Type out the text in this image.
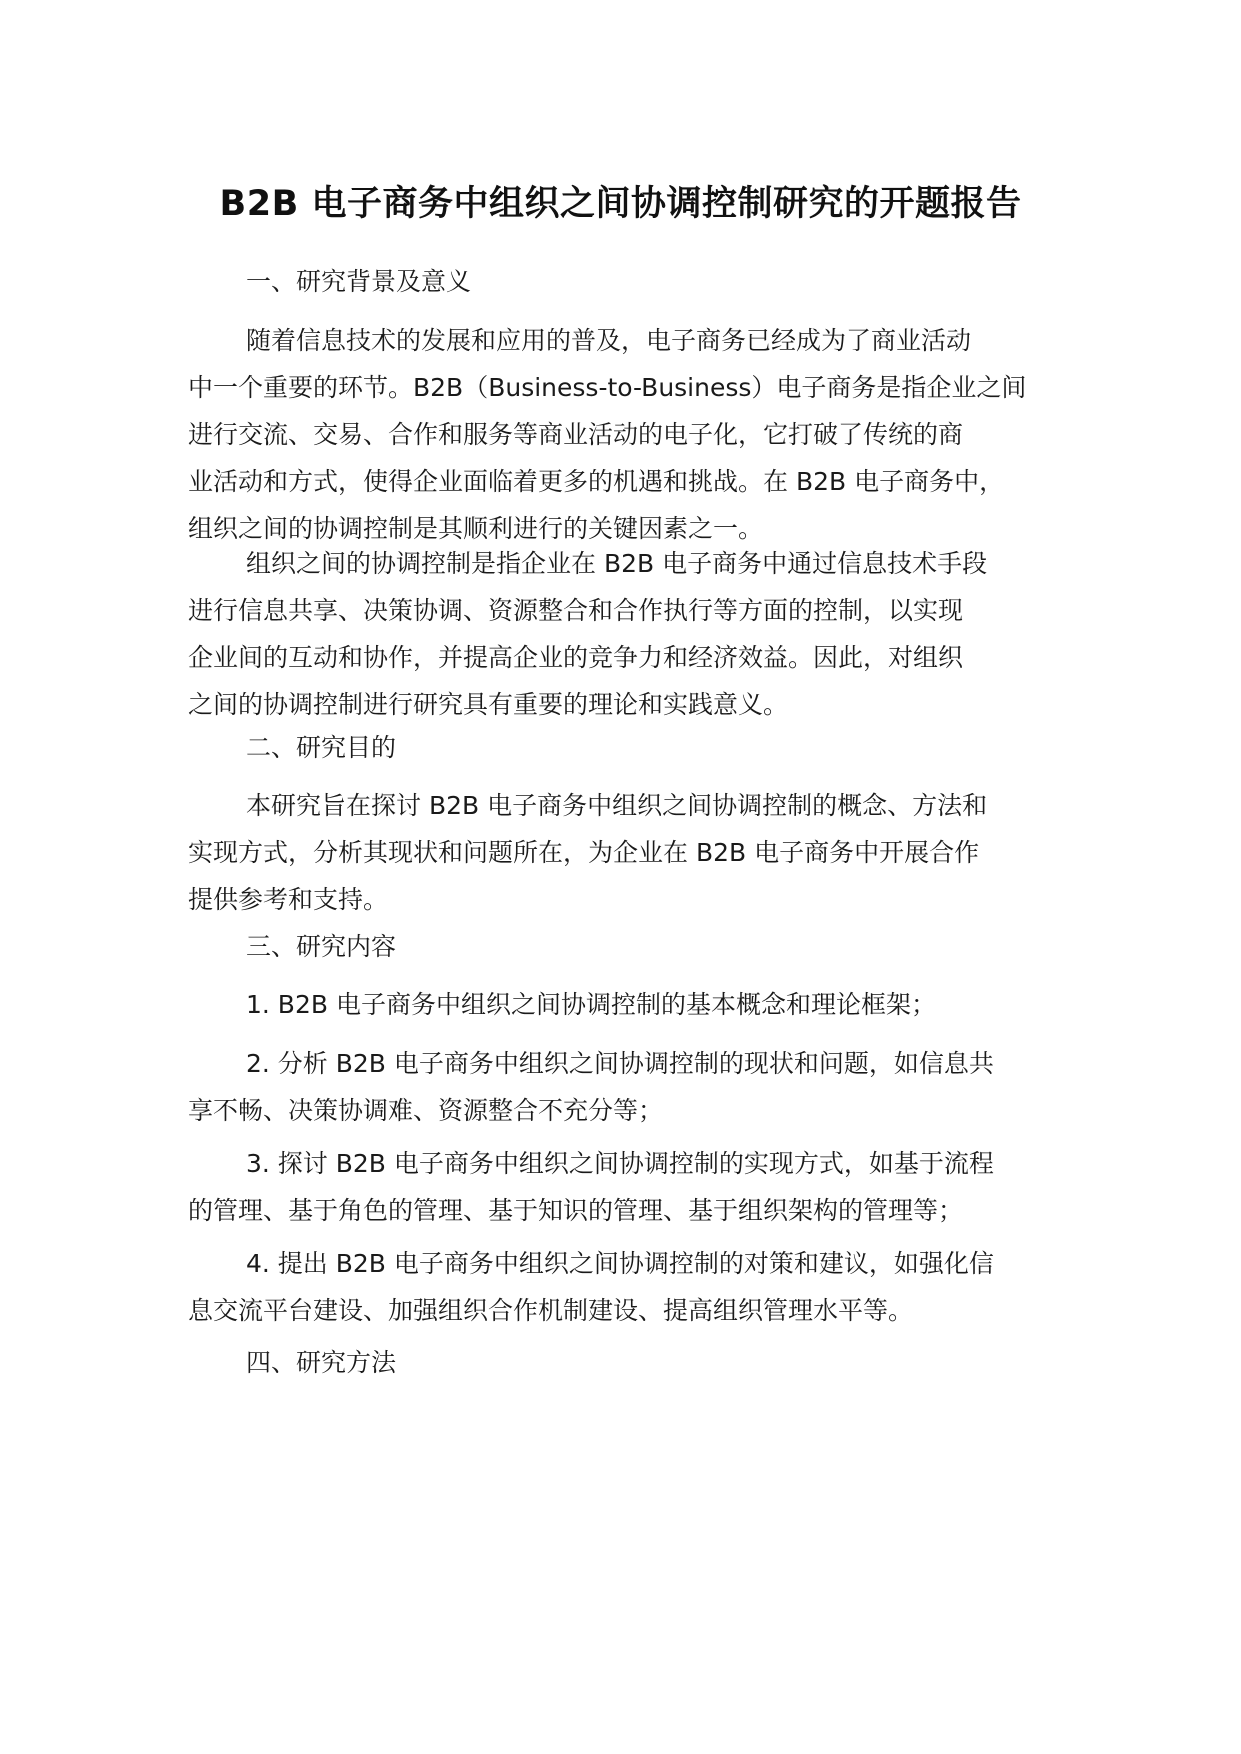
B2B 电子商务中组织之间协调控制研究的开题报告
一、研究背景及意义
随着信息技术的发展和应用的普及，电子商务已经成为了商业活动
中一个重要的环节。B2B（Business-to-Business）电子商务是指企业之间
进行交流、交易、合作和服务等商业活动的电子化，它打破了传统的商
业活动和方式，使得企业面临着更多的机遇和挑战。在 B2B 电子商务中，
组织之间的协调控制是其顺利进行的关键因素之一。
组织之间的协调控制是指企业在 B2B 电子商务中通过信息技术手段
进行信息共享、决策协调、资源整合和合作执行等方面的控制，以实现
企业间的互动和协作，并提高企业的竞争力和经济效益。因此，对组织
之间的协调控制进行研究具有重要的理论和实践意义。
二、研究目的
本研究旨在探讨 B2B 电子商务中组织之间协调控制的概念、方法和
实现方式，分析其现状和问题所在，为企业在 B2B 电子商务中开展合作
提供参考和支持。
三、研究内容
1. B2B 电子商务中组织之间协调控制的基本概念和理论框架；
2. 分析 B2B 电子商务中组织之间协调控制的现状和问题，如信息共
享不畅、决策协调难、资源整合不充分等；
3. 探讨 B2B 电子商务中组织之间协调控制的实现方式，如基于流程
的管理、基于角色的管理、基于知识的管理、基于组织架构的管理等；
4. 提出 B2B 电子商务中组织之间协调控制的对策和建议，如强化信
息交流平台建设、加强组织合作机制建设、提高组织管理水平等。
四、研究方法
